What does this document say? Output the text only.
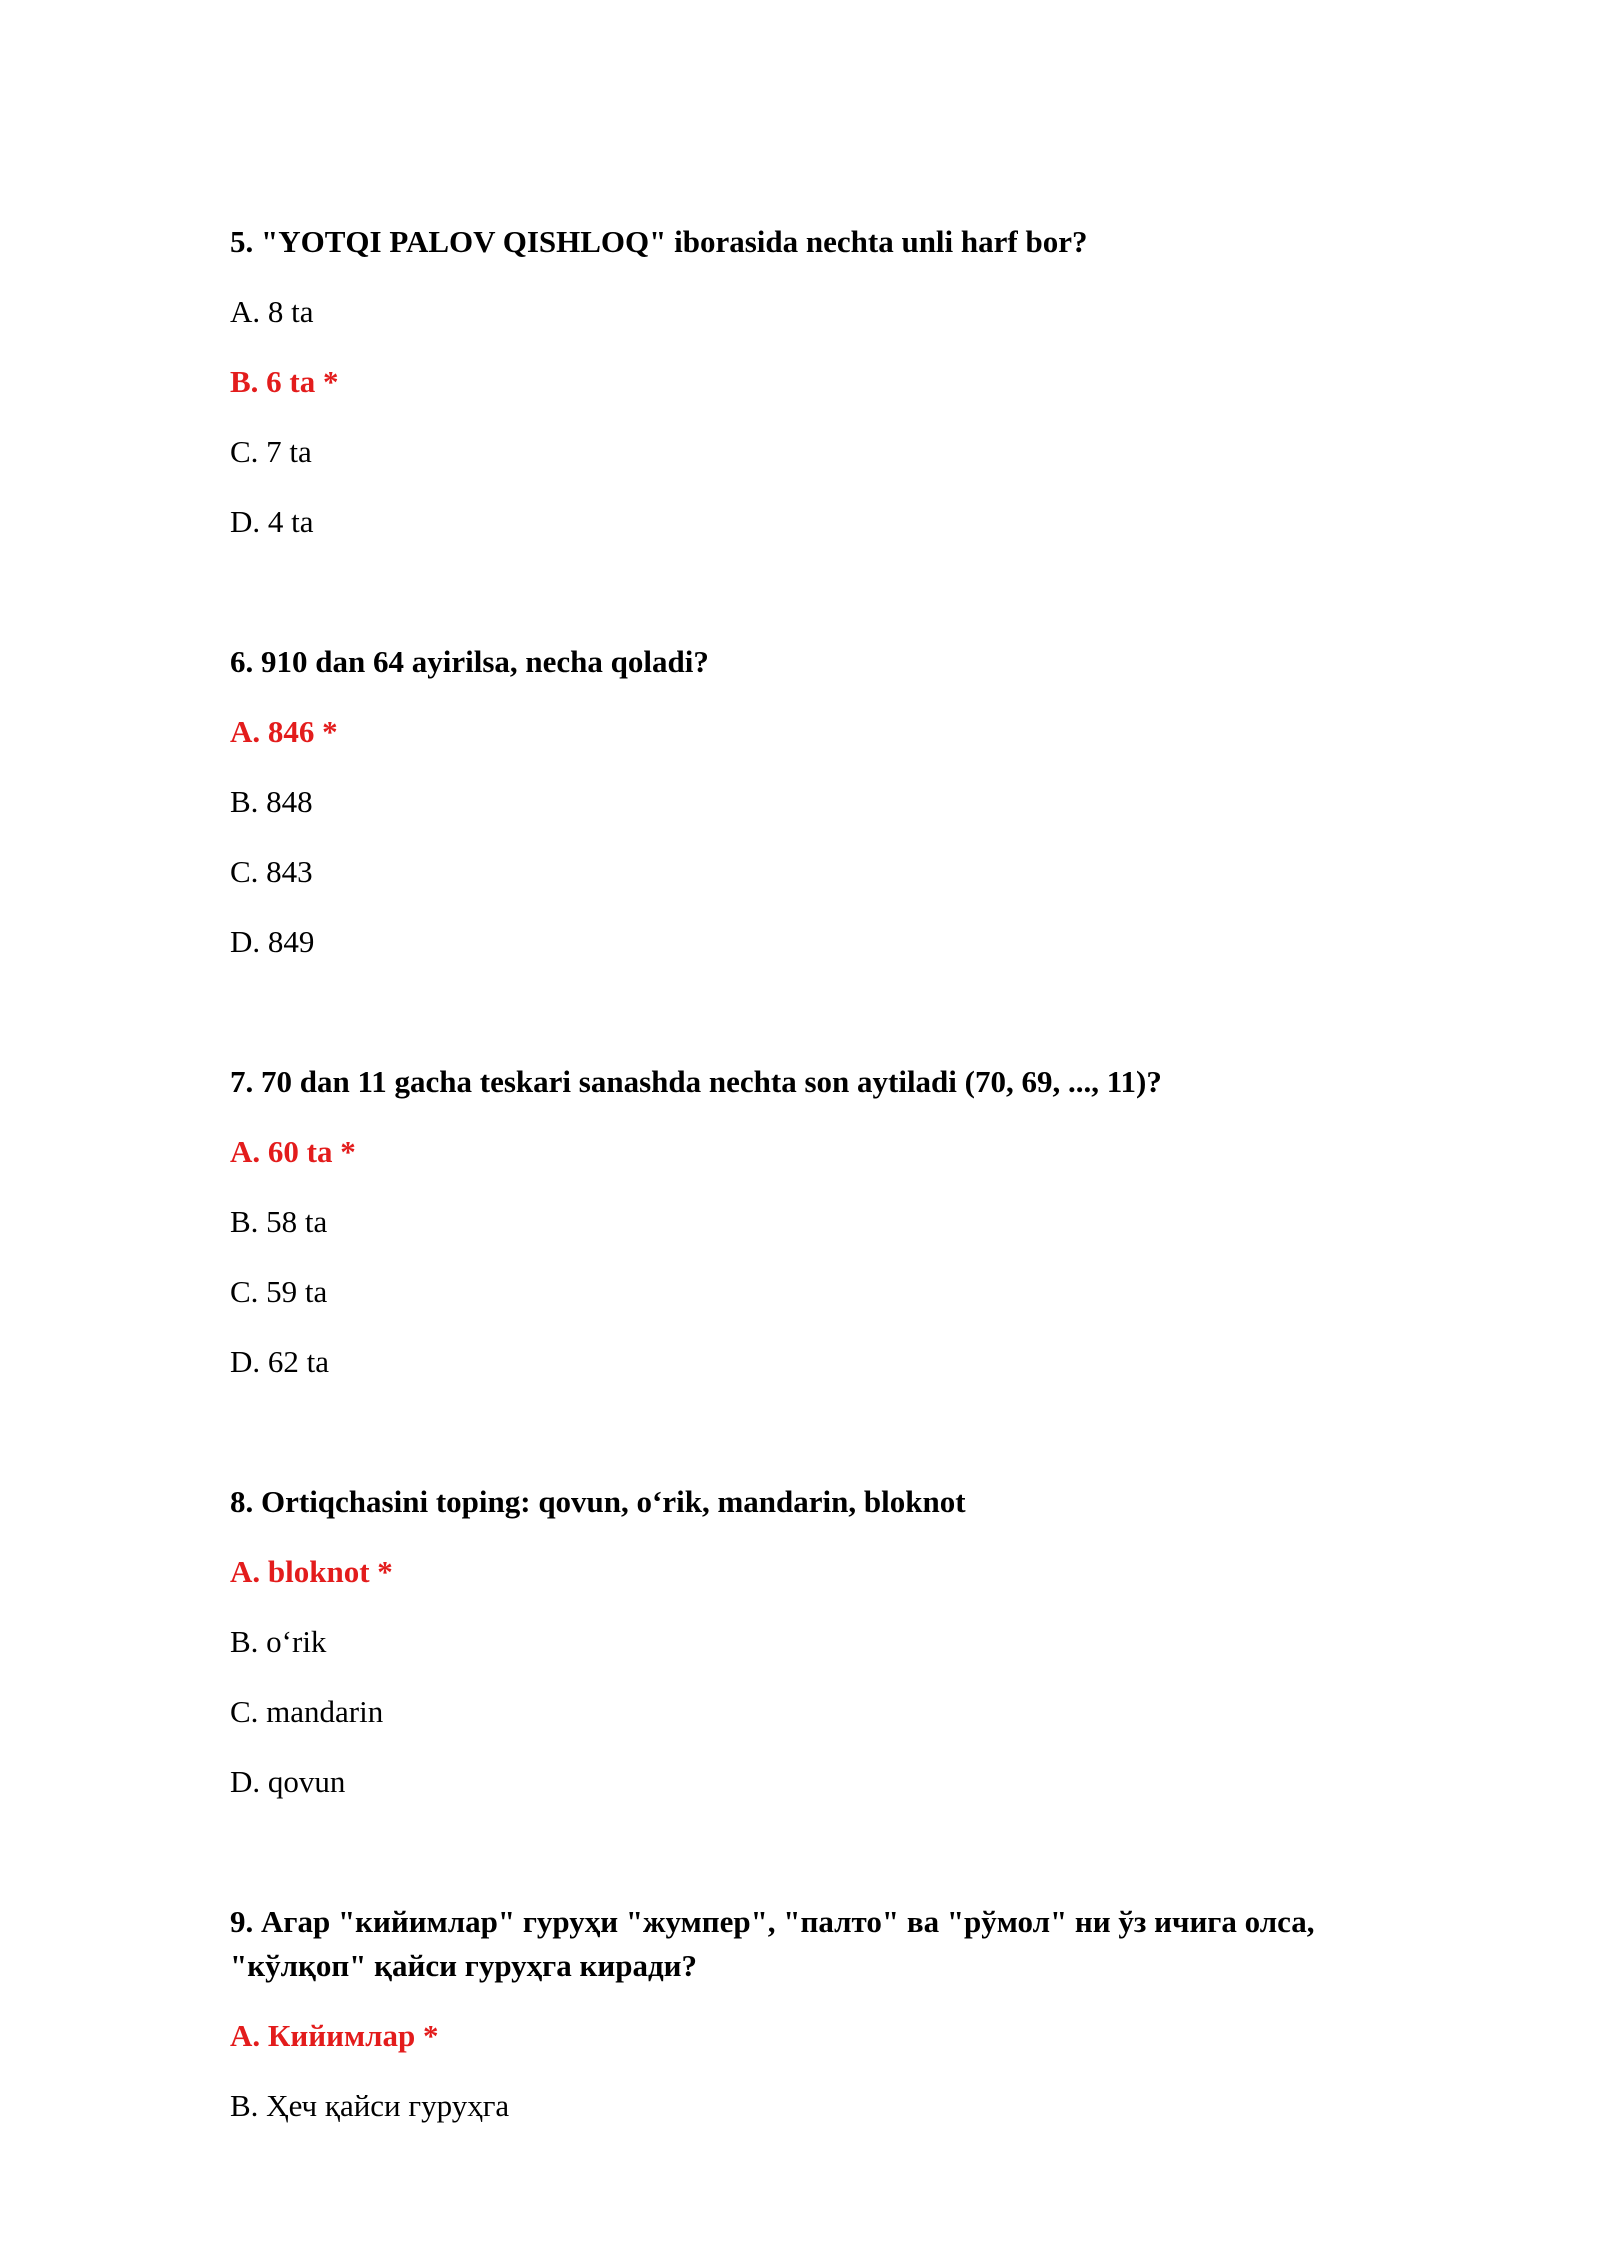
5. "YOTQI PALOV QISHLOQ" iborasida nechta unli harf bor?

A. 8 ta

B. 6 ta *

C. 7 ta

D. 4 ta

6. 910 dan 64 ayirilsa, necha qoladi?

A. 846 *

B. 848

C. 843

D. 849

7. 70 dan 11 gacha teskari sanashda nechta son aytiladi (70, 69, ..., 11)?

A. 60 ta *

B. 58 ta

C. 59 ta

D. 62 ta

8. Ortiqchasini toping: qovun, o‘rik, mandarin, bloknot

A. bloknot *

B. o‘rik

C. mandarin

D. qovun

9. Агар "кийимлар" гуруҳи "жумпер", "палто" ва "рўмол" ни ўз ичига олса, "кўлқоп" қайси гуруҳга киради?

A. Кийимлар *

B. Ҳеч қайси гуруҳга
